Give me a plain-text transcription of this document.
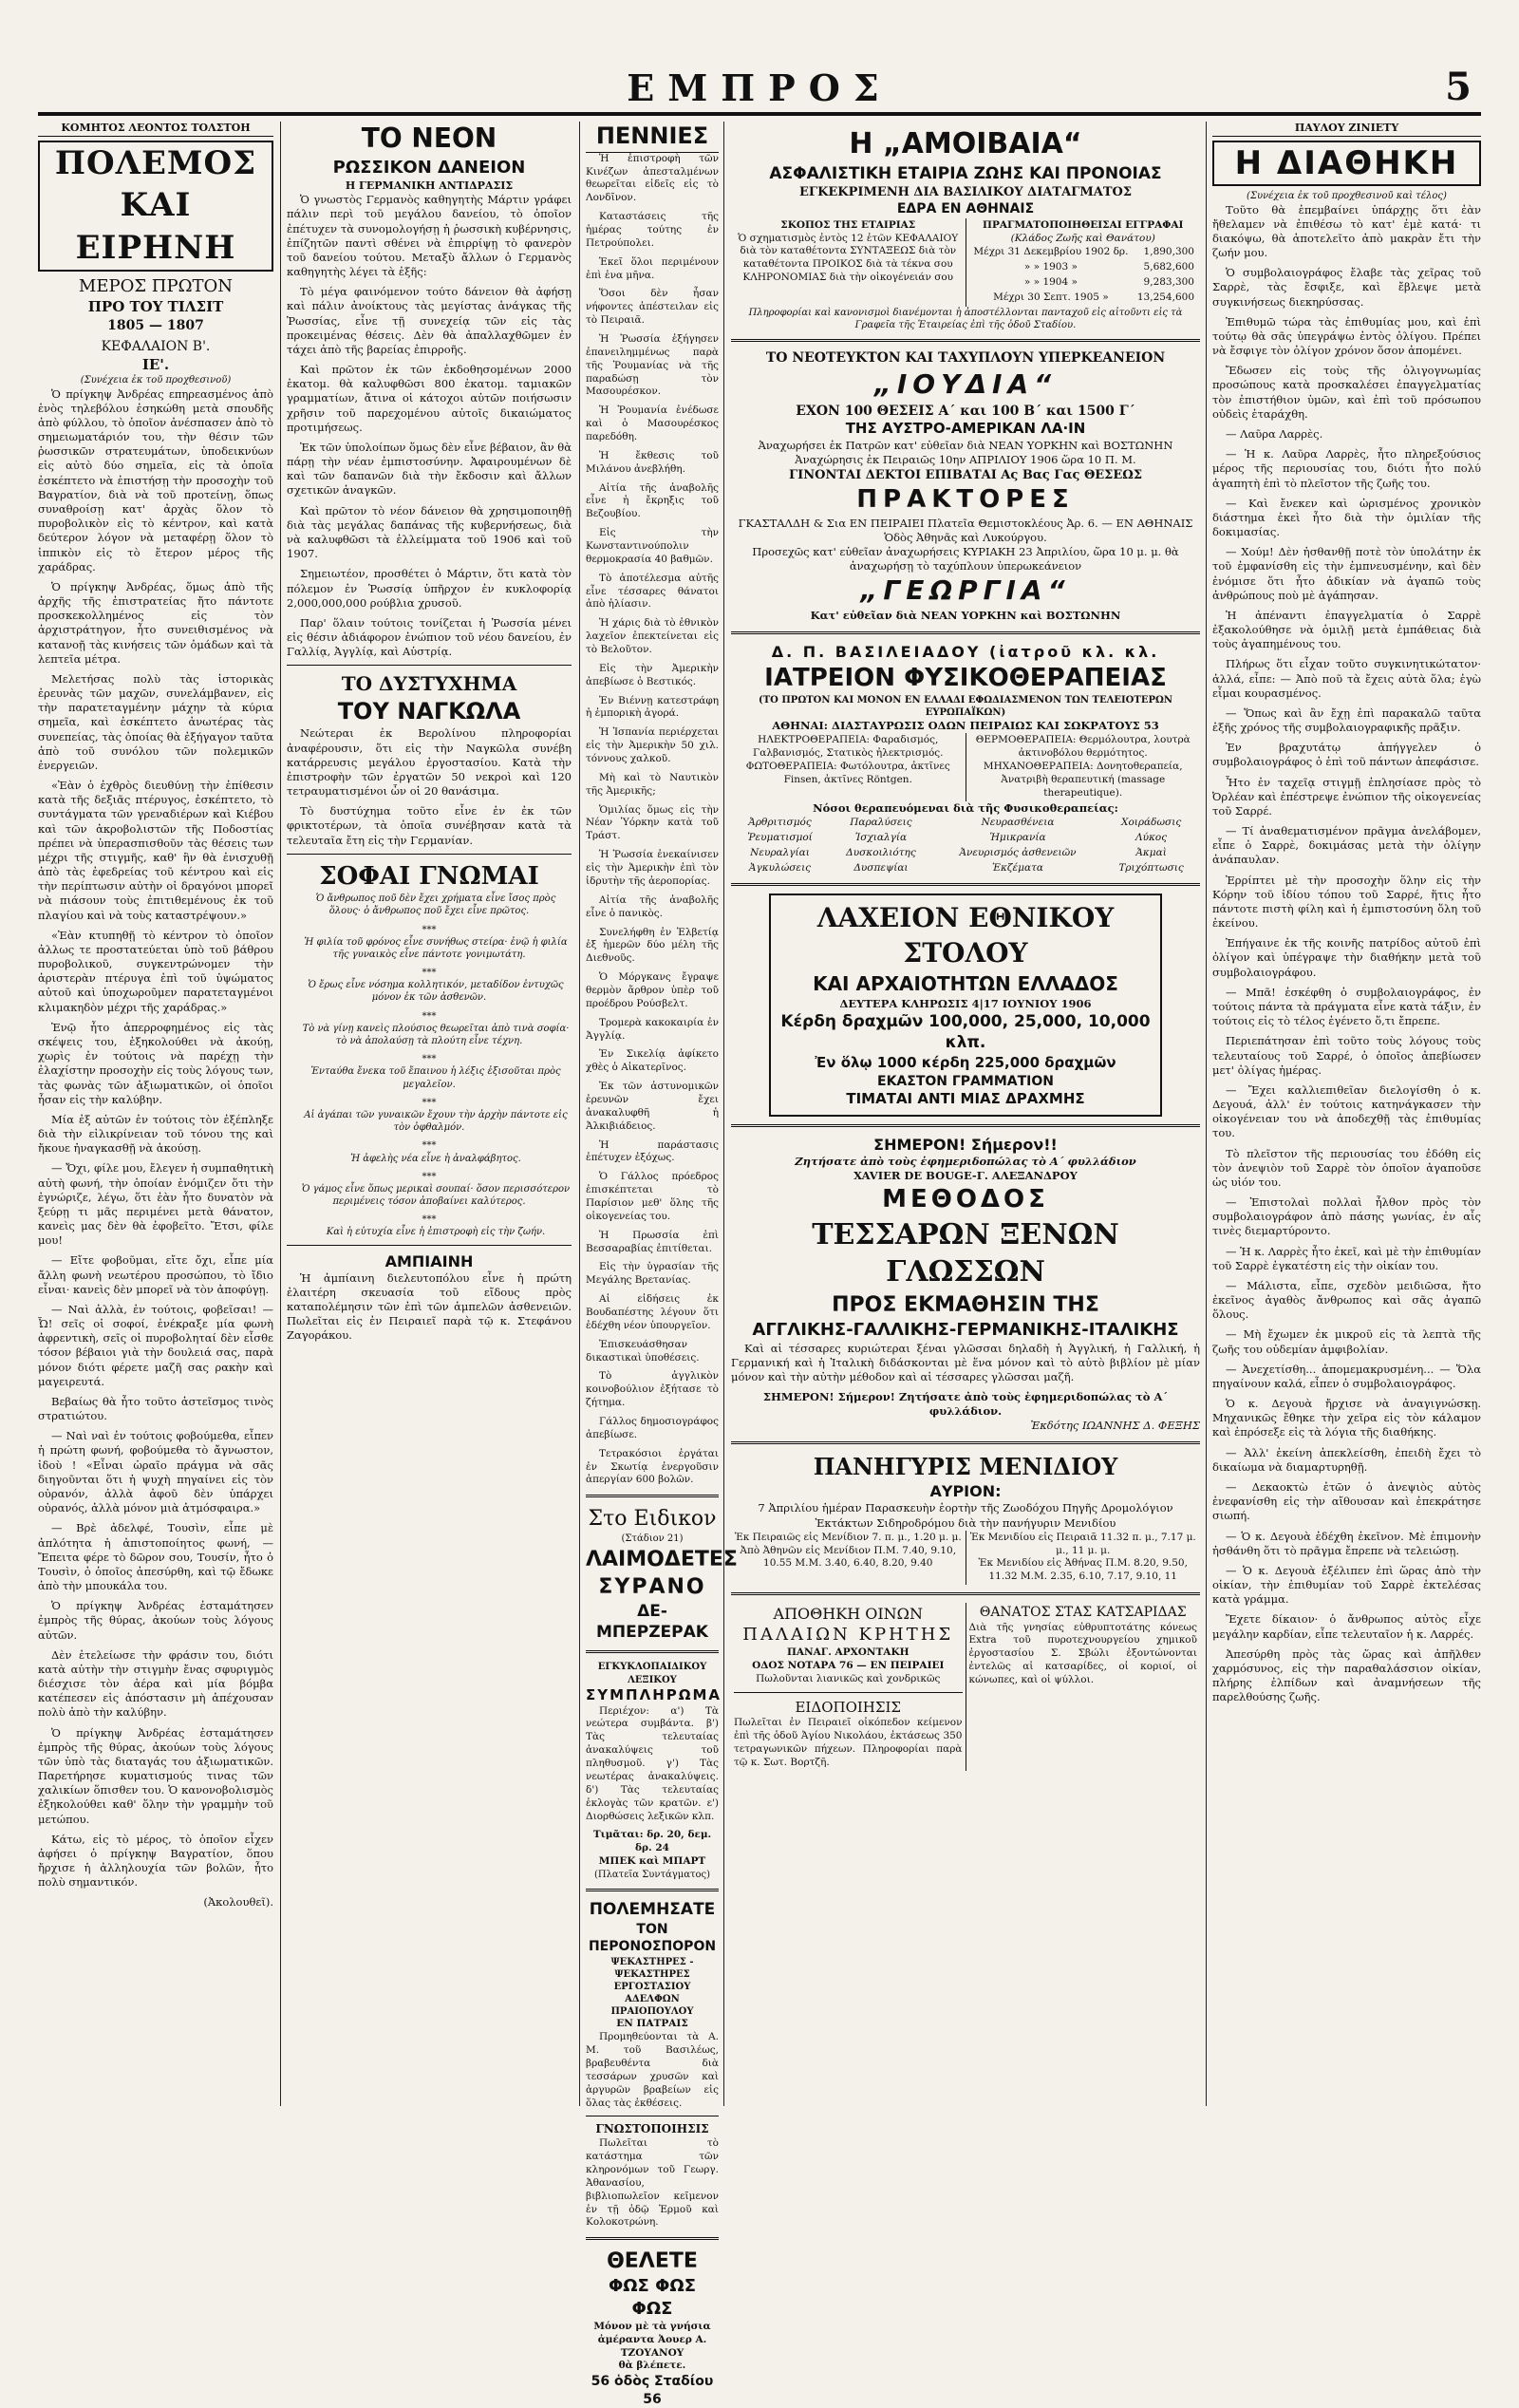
ΕΜΠΡΟΣ	5
ΚΟΜΗΤΟΣ ΛΕΟΝΤΟΣ ΤΟΛΣΤΟΗ
ΠΟΛΕΜΟΣ ΚΑΙ ΕΙΡΗΝΗ
ΜΕΡΟΣ ΠΡΩΤΟΝ
ΠΡΟ ΤΟΥ ΤΙΛΣΙΤ
1805 — 1807
ΚΕΦΑΛΑΙΟΝ Β'.
ΙΕ'.
(Συνέχεια ἐκ τοῦ προχθεσινοῦ)

Ὁ πρίγκηψ Ἀνδρέας επηρεασμένος ἀπὸ ἑνὸς τηλεβόλου ἐσηκώθη μετὰ σπουδῆς ἀπὸ φύλλου, τὸ ὁποῖον ἀνέσπασεν ἀπὸ τὸ σημειωματάριόν του, τὴν θέσιν τῶν ῥωσσικῶν στρατευμάτων, ὑποδεικνύων εἰς αὐτὸ δύο σημεῖα, εἰς τὰ ὁποῖα ἐσκέπτετο νὰ ἐπιστήσῃ τὴν προσοχὴν τοῦ Βαγρατίον, διὰ νὰ τοῦ προτείνῃ, ὅπως συναθροίσῃ κατ' ἀρχὰς ὅλον τὸ πυροβολικὸν εἰς τὸ κέντρον, καὶ κατὰ δεύτερον λόγον νὰ μεταφέρῃ ὅλον τὸ ἱππικὸν εἰς τὸ ἕτερον μέρος τῆς χαράδρας.

Ὁ πρίγκηψ Ἀνδρέας, ὅμως ἀπὸ τῆς ἀρχῆς τῆς ἐπιστρατείας ἤτο πάντοτε προσκεκολλημένος εἰς τὸν ἀρχιστράτηγον, ἦτο συνειθισμένος νὰ κατανοῇ τὰς κινήσεις τῶν ὁμάδων καὶ τὰ λεπτεῖα μέτρα.

Μελετήσας πολὺ τὰς ἱστορικὰς ἐρευνὰς τῶν μαχῶν, συνελάμβανεν, εἰς τὴν παρατεταγμένην μάχην τὰ κύρια σημεῖα, καὶ ἐσκέπτετο ἀνωτέρας τὰς συνεπείας, τὰς ὁποίας θὰ ἐξήγαγον ταῦτα ἀπὸ τοῦ συνόλου τῶν πολεμικῶν ἐνεργειῶν.

«Ἐὰν ὁ ἐχθρὸς διευθύνῃ τὴν ἐπίθεσιν κατὰ τῆς δεξιᾶς πτέρυγος, ἐσκέπτετο, τὸ συντάγματα τῶν γρεναδιέρων καὶ Κιέβου καὶ τῶν ἀκροβολιστῶν τῆς Ποδοστίας πρέπει νὰ ὑπερασπισθοῦν τὰς θέσεις των μέχρι τῆς στιγμῆς, καθ' ἣν θὰ ἐνισχυθῇ ἀπὸ τὰς ἐφεδρείας τοῦ κέντρου καὶ εἰς τὴν περίπτωσιν αὐτὴν οἱ δραγόνοι μπορεῖ νὰ πιάσουν τοὺς ἐπιτιθεμένους ἐκ τοῦ πλαγίου καὶ νὰ τοὺς καταστρέψουν.»

«Ἐὰν κτυπηθῇ τὸ κέντρον τὸ ὁποῖον ἀλλως τε προστατεύεται ὑπὸ τοῦ βάθρου πυροβολικοῦ, συγκεντρώνομεν τὴν ἀριστερὰν πτέρυγα ἐπὶ τοῦ ὑψώματος αὐτοῦ καὶ ὑποχωροῦμεν παρατεταγμένοι κλιμακηδὸν μέχρι τῆς χαράδρας.»

Ἐνῷ ἦτο ἀπερροφημένος εἰς τὰς σκέψεις του, ἐξηκολούθει νὰ ἀκούῃ, χωρὶς ἐν τούτοις νὰ παρέχῃ τὴν ἐλαχίστην προσοχὴν εἰς τοὺς λόγους των, τὰς φωνὰς τῶν ἀξιωματικῶν, οἱ ὁποῖοι ἦσαν εἰς τὴν καλύβην.

Μία ἐξ αὐτῶν ἐν τούτοις τὸν ἐξέπληξε διὰ τὴν εἰλικρίνειαν τοῦ τόνου της καὶ ἤκουε ἠναγκασθῇ νὰ ἀκούσῃ.

— Ὄχι, φίλε μου, ἔλεγεν ἡ συμπαθητικὴ αὐτὴ φωνή, τὴν ὁποίαν ἐνόμιζεν ὅτι τὴν ἐγνώριζε, λέγω, ὅτι ἐὰν ἦτο δυνατὸν νὰ ξεύρῃ τι μᾶς περιμένει μετὰ θάνατον, κανεὶς μας δὲν θὰ ἐφοβεῖτο. Ἔτσι, φίλε μου!

— Εἴτε φοβοῦμαι, εἴτε ὄχι, εἶπε μία ἄλλη φωνὴ νεωτέρου προσώπου, τὸ ἴδιο εἶναι· κανεὶς δὲν μπορεῖ νὰ τὸν ἀποφύγῃ.

— Ναὶ ἀλλὰ, ἐν τούτοις, φοβεῖσαι! — Ὦ! σεῖς οἱ σοφοί, ἐνέκραξε μία φωνὴ ἀφρεντικὴ, σεῖς οἱ πυροβοληταί δὲν εἶσθε τόσον βέβαιοι γιὰ τὴν δουλειά σας, παρὰ μόνον διότι φέρετε μαζῆ σας ρακὴν καὶ μαγειρευτά.

Βεβαίως θὰ ἦτο τοῦτο ἀστεῖσμος τινὸς στρατιώτου.

— Ναὶ ναὶ ἐν τούτοις φοβούμεθα, εἶπεν ἡ πρώτη φωνή, φοβούμεθα τὸ ἄγνωστον, ἰδοὺ ! «Εἶναι ὡραῖο πράγμα νὰ σᾶς διηγοῦνται ὅτι ἡ ψυχὴ πηγαίνει εἰς τὸν οὐρανόν, ἀλλὰ ἀφοῦ δὲν ὑπάρχει οὐρανός, ἀλλὰ μόνον μιὰ ἀτμόσφαιρα.»

— Βρὲ ἀδελφέ, Τουσὶν, εἶπε μὲ ἀπλότητα ἡ ἀπιστοποίητος φωνή, — Ἔπειτα φέρε τὸ δῶρον σου, Τουσίν, ἦτο ὁ Τουσὶν, ὁ ὁποῖος ἀπεσύρθη, καὶ τῷ ἔδωκε ἀπὸ τὴν μπουκάλα του.

Ὁ πρίγκηψ Ἀνδρέας ἐσταμάτησεν ἐμπρὸς τῆς θύρας, ἀκούων τοὺς λόγους αὐτῶν.

Δὲν ἐτελείωσε τὴν φράσιν του, διότι κατὰ αὐτὴν τὴν στιγμὴν ἔνας σφυριγμὸς διέσχισε τὸν ἀέρα καὶ μία βόμβα κατέπεσεν εἰς ἀπόστασιν μὴ ἀπέχουσαν πολὺ ἀπὸ τὴν καλύβην.

Ὁ πρίγκηψ Ἀνδρέας ἐσταμάτησεν ἐμπρὸς τῆς θύρας, ἀκούων τοὺς λόγους τῶν ὑπὸ τὰς διαταγάς του ἀξιωματικῶν. Παρετήρησε κυματισμούς τινας τῶν χαλικίων ὅπισθεν του. Ὁ κανονοβολισμὸς ἐξηκολούθει καθ' ὅλην τὴν γραμμὴν τοῦ μετώπου.

Κάτω, εἰς τὸ μέρος, τὸ ὁποῖον εἶχεν ἀφήσει ὁ πρίγκηψ Βαγρατίον, ὅπου ἤρχισε ἡ ἀλληλουχία τῶν βολῶν, ἦτο πολὺ σημαντικόν.

(Ἀκολουθεῖ).

ΤΟ ΝΕΟΝ
ΡΩΣΣΙΚΟΝ ΔΑΝΕΙΟΝ
Η ΓΕΡΜΑΝΙΚΗ ΑΝΤΙΔΡΑΣΙΣ

Ὁ γνωστὸς Γερμανὸς καθηγητὴς Μάρτιν γράφει πάλιν περὶ τοῦ μεγάλου δανείου, τὸ ὁποῖον ἐπέτυχεν τὰ συνομολογήσῃ ἡ ῥωσσικὴ κυβέρνησις, ἐπίζητῶν παντὶ σθένει νὰ ἐπιρρίψῃ τὸ φανερὸν τοῦ δανείου τούτου. Μεταξὺ ἄλλων ὁ Γερμανὸς καθηγητὴς λέγει τὰ ἑξῆς:

Τὸ μέγα φαινόμενον τούτο δάνειον θὰ ἀφήσῃ καὶ πάλιν ἀνοίκτους τὰς μεγίστας ἀνάγκας τῆς Ῥωσσίας, εἶνε τῇ συνεχείᾳ τῶν εἰς τὰς προκειμένας θέσεις. Δὲν θὰ ἀπαλλαχθῶμεν ἐν τάχει ἀπὸ τῆς βαρείας ἐπιρροῆς.

Καὶ πρῶτον ἐκ τῶν ἐκδοθησομένων 2000 ἑκατομ. θὰ καλυφθῶσι 800 ἑκατομ. ταμιακῶν γραμματίων, ἄτινα οἱ κάτοχοι αὐτῶν ποιήσωσιν χρῆσιν τοῦ παρεχομένου αὐτοῖς δικαιώματος προτιμήσεως.

Ἐκ τῶν ὑπολοίπων ὅμως δὲν εἶνε βέβαιον, ἂν θὰ πάρῃ τὴν νέαν ἐμπιστοσύνην. Ἀφαιρουμένων δὲ καὶ τῶν δαπανῶν διὰ τὴν ἔκδοσιν καὶ ἄλλων σχετικῶν ἀναγκῶν.

Καὶ πρῶτον τὸ νέον δάνειον θὰ χρησιμοποιηθῇ διὰ τὰς μεγάλας δαπάνας τῆς κυβερνήσεως, διὰ νὰ καλυφθῶσι τὰ ἐλλείμματα τοῦ 1906 καὶ τοῦ 1907.

Σημειωτέον, προσθέτει ὁ Μάρτιν, ὅτι κατὰ τὸν πόλεμον ἐν Ῥωσσίᾳ ὑπῆρχον ἐν κυκλοφορίᾳ 2,000,000,000 ρούβλια χρυσοῦ.

Παρ' ὅλαιν τούτοις τονίζεται ἡ Ῥωσσία μένει εἰς θέσιν ἀδιάφορον ἐνώπιον τοῦ νέου δανείου, ἐν Γαλλίᾳ, Ἀγγλίᾳ, καὶ Αὐστρίᾳ.

ΤΟ ΔΥΣΤΥΧΗΜΑ
ΤΟΥ ΝΑΓΚΩΛΑ

Νεώτεραι ἐκ Βερολίνου πληροφορίαι ἀναφέρουσιν, ὅτι εἰς τὴν Ναγκῶλα συνέβη κατάρρευσις μεγάλου ἐργοστασίου. Κατὰ τὴν ἐπιστροφὴν τῶν ἐργατῶν 50 νεκροὶ καὶ 120 τετραυματισμένοι ὧν οἱ 20 θανάσιμα.

Τὸ δυστύχημα τοῦτο εἶνε ἐν ἐκ τῶν φρικτοτέρων, τὰ ὁποῖα συνέβησαν κατὰ τὰ τελευταῖα ἔτη εἰς τὴν Γερμανίαν.

ΣΟΦΑΙ ΓΝΩΜΑΙ

Ὁ ἄνθρωπος ποῦ δὲν ἔχει χρήματα εἶνε ἴσος πρὸς ὅλους· ὁ ἄνθρωπος ποῦ ἔχει εἶνε πρῶτος.

***

Ἡ φιλία τοῦ φρόνος εἶνε συνήθως στείρα· ἐνῷ ἡ φιλία τῆς γυναικὸς εἶνε πάντοτε γονιμωτάτη.

***

Ὁ ἔρως εἶνε νόσημα κολλητικόν, μεταδίδον ἐντυχῶς μόνον ἐκ τῶν ἀσθενῶν.

***

Τὸ νὰ γίνῃ κανεὶς πλούσιος θεωρεῖται ἀπὸ τινὰ σοφία· τὸ νὰ ἀπολαύσῃ τὰ πλούτη εἶνε τέχνη.

***

Ἐνταύθα ἔνεκα τοῦ ἔπαινου ἡ λέξις ἐξισοῦται πρὸς μεγαλεῖον.

***

Αἱ ἀγάπαι τῶν γυναικῶν ἔχουν τὴν ἀρχὴν πάντοτε εἰς τὸν ὀφθαλμόν.

***

Ἡ ἀφελὴς νέα εἶνε ἡ ἀναλφάβητος.

***

Ὁ γάμος εἶνε ὅπως μερικαὶ σουπαί· ὅσον περισσότερον περιμένεις τόσον ἀποβαίνει καλύτερος.

***

Καὶ ἡ εὐτυχία εἶνε ἡ ἐπιστροφὴ εἰς τὴν ζωήν.

ΑΜΠΙΑΙΝΗ

Ἡ ἀμπίαινη διελευτοπόλου εἶνε ἡ πρώτη ἐλαιτέρη σκευασία τοῦ εἴδους πρὸς καταπολέμησιν τῶν ἐπὶ τῶν ἀμπελῶν ἀσθενειῶν. Πωλεῖται εἰς ἐν Πειραιεῖ παρὰ τῷ κ. Στεφάνου Ζαγοράκου.

ΠΕΝΝΙΕΣ

Ἡ ἐπιστροφὴ τῶν Κινέζων ἀπεσταλμένων θεωρεῖται εἰδεῖς εἰς τὸ Λονδῖνον.

Καταστάσεις τῆς ἡμέρας τούτης ἐν Πετρούπολει.

Ἑκεῖ ὅλοι περιμένουν ἐπὶ ἐνα μῆνα.

Ὅσοι δὲν ἦσαν νήφοντες ἀπέστειλαν εἰς τὸ Πειραιᾶ.

Ἡ Ῥωσσία ἐξήγησεν ἐπανειλημμένως παρὰ τῆς Ῥουμανίας νὰ τῆς παραδώσῃ τὸν Μασουρέσκον.

Ἡ Ῥουμανία ἐνέδωσε καὶ ὁ Μασουρέσκος παρεδόθη.

Ἡ ἔκθεσις τοῦ Μιλάνου ἀνεβλήθη.

Αἰτία τῆς ἀναβολῆς εἶνε ἡ ἔκρηξις τοῦ Βεζουβίου.

Εἰς τὴν Κωνσταντινούπολιν θερμοκρασία 40 βαθμῶν.

Τὸ ἀποτέλεσμα αὐτῆς εἶνε τέσσαρες θάνατοι ἀπὸ ἡλίασιν.

Ἡ χάρις διὰ τὸ ἐθνικὸν λαχεῖον ἐπεκτείνεται εἰς τὸ Βελοῦτον.

Εἰς τὴν Ἀμερικὴν ἀπεβίωσε ὁ Βεστικός.

Ἐν Βιέννῃ κατεστράφη ἡ ἐμπορικὴ ἀγορά.

Ἡ Ἰσπανία περιέρχεται εἰς τὴν Ἀμερικὴν 50 χιλ. τόννους χαλκοῦ.

Μὴ καὶ τὸ Ναυτικὸν τῆς Ἀμερικῆς;

Ὁμιλίας ὅμως εἰς τὴν Νέαν Ὑόρκην κατὰ τοῦ Τράστ.

Ἡ Ῥωσσία ἐνεκαίνισεν εἰς τὴν Ἀμερικὴν ἐπὶ τὸν ἰδρυτὴν τῆς ἀεροπορίας.

Αἰτία τῆς ἀναβολῆς εἶνε ὁ πανικὸς.

Συνελήφθη ἐν Ἐλβετίᾳ ἐξ ἡμερῶν δύο μέλη τῆς Διεθνοῦς.

Ὁ Μόργκανς ἔγραψε θερμὸν ἄρθρον ὑπὲρ τοῦ προέδρου Ρούσβελτ.

Τρομερὰ κακοκαιρία ἐν Ἀγγλίᾳ.

Ἐν Σικελίᾳ ἀφίκετο χθὲς ὁ Αἰκατερῖνος.

Ἐκ τῶν ἀστυνομικῶν ἐρευνῶν ἔχει ἀνακαλυφθῆ ἡ Ἀλκιβιάδειος.

Ἡ παράστασις ἐπέτυχεν ἐξόχως.

Ὁ Γάλλος πρόεδρος ἐπισκέπτεται τὸ Παρίσιον μεθ' ὅλης τῆς οἰκογενείας του.

Ἡ Πρωσσία ἐπὶ Βεσσαραβίας ἐπιτίθεται.

Εἰς τὴν ὑγρασίαν τῆς Μεγάλης Βρετανίας.

Αἱ εἰδήσεις ἐκ Βουδαπέστης λέγουν ὅτι ἐδέχθη νέον ὑπουργεῖον.

Ἐπισκευάσθησαν δικαστικαὶ ὑποθέσεις.

Τὸ ἀγγλικὸν κοινοβούλιον ἐξήτασε τὸ ζήτημα.

Γάλλος δημοσιογράφος ἀπεβίωσε.

Τετρακόσιοι ἐργάται ἐν Σκωτίᾳ ἐνεργοῦσιν ἀπεργίαν 600 βολῶν.

Στο Ειδικον
(Στάδιον 21)
ΛΑΙΜΟΔΕΤΕΣ
ΣΥΡΑΝΟ
ΔΕ-ΜΠΕΡΖΕΡΑΚ
ΕΓΚΥΚΛΟΠΑΙΔΙΚΟΥ ΛΕΞΙΚΟΥ
ΣΥΜΠΛΗΡΩΜΑ

Περιέχον: α') Τὰ νεώτερα συμβάντα. β') Τὰς τελευταίας ἀνακαλύψεις τοῦ πληθυσμοῦ. γ') Τὰς νεωτέρας ἀνακαλύψεις. δ') Τὰς τελευταίας ἐκλογὰς τῶν κρατῶν. ε') Διορθώσεις λεξικῶν κλπ.

Τιμᾶται: δρ. 20, δεμ. δρ. 24
ΜΠΕΚ καὶ ΜΠΑΡΤ
(Πλατεῖα Συντάγματος)
ΠΟΛΕΜΗΣΑΤΕ
ΤΟΝ ΠΕΡΟΝΟΣΠΟΡΟΝ
ΨΕΚΑΣΤΗΡΕΣ - ΨΕΚΑΣΤΗΡΕΣ
ΕΡΓΟΣΤΑΣΙΟΥ ΑΔΕΛΦΩΝ ΠΡΑΙΟΠΟΥΛΟΥ
ΕΝ ΠΑΤΡΑΙΣ

Προμηθεύονται τὰ Α. Μ. τοῦ Βασιλέως, βραβευθέντα διὰ τεσσάρων χρυσῶν καὶ ἀργυρῶν βραβείων εἰς ὅλας τὰς ἐκθέσεις.

ΓΝΩΣΤΟΠΟΙΗΣΙΣ

Πωλεῖται τὸ κατάστημα τῶν κληρονόμων τοῦ Γεωργ. Ἀθανασίου, βιβλιοπωλεῖον κεῖμενον ἐν τῇ ὁδῷ Ἑρμοῦ καὶ Κολοκοτρώνη.

ΘΕΛΕΤΕ
ΦΩΣ ΦΩΣ ΦΩΣ
Μόνον μὲ τὰ γνήσια ἀμέραντα Ἀουερ Α. ΤΖΟΥΑΝΟΥ
θὰ βλέπετε.
56 ὁδὸς Σταδίου 56
Η „ΑΜΟΙΒΑΙΑ“
ΑΣΦΑΛΙΣΤΙΚΗ ΕΤΑΙΡΙΑ ΖΩΗΣ ΚΑΙ ΠΡΟΝΟΙΑΣ
ΕΓΚΕΚΡΙΜΕΝΗ ΔΙΑ ΒΑΣΙΛΙΚΟΥ ΔΙΑΤΑΓΜΑΤΟΣ
ΕΔΡΑ ΕΝ ΑΘΗΝΑΙΣ
ΣΚΟΠΟΣ ΤΗΣ ΕΤΑΙΡΙΑΣ
Ὁ σχηματισμὸς ἐντὸς 12 ἐτῶν ΚΕΦΑΛΑΙΟΥ διὰ τὸν καταθέτοντα ΣΥΝΤΑΞΕΩΣ διὰ τὸν καταθέτοντα ΠΡΟΙΚΟΣ διὰ τὰ τέκνα σου ΚΛΗΡΟΝΟΜΙΑΣ διὰ τὴν οἰκογένειάν σου

ΠΡΑΓΜΑΤΟΠΟΙΗΘΕΙΣΑΙ ΕΓΓΡΑΦΑΙ
(Κλάδος Ζωῆς καὶ Θανάτου)
Μέχρι 31 Δεκεμβρίου 1902 δρ.	1,890,300
» » 1903 »	5,682,600
» » 1904 »	9,283,300
Μέχρι 30 Σεπτ. 1905 »	13,254,600
Πληροφορίαι καὶ κανονισμοὶ διανέμονται ἡ ἀποστέλλονται πανταχοῦ εἰς αἰτοῦντι εἰς τὰ Γραφεῖα τῆς Ἑταιρείας ἐπὶ τῆς ὁδοῦ Σταδίου.
ΤΟ ΝΕΟΤΕΥΚΤΟΝ ΚΑΙ ΤΑΧΥΠΛΟΥΝ ΥΠΕΡΚΕΑΝΕΙΟΝ
„ΙΟΥΔΙΑ“
ΕΧΟΝ 100 ΘΕΣΕΙΣ Α΄ και 100 Β΄ και 1500 Γ΄
ΤΗΣ ΑΥΣΤΡΟ-ΑΜΕΡΙΚΑΝ ΛΑ·ΙΝ
Ἀναχωρήσει ἐκ Πατρῶν κατ' εὐθεῖαν διὰ ΝΕΑΝ ΥΟΡΚΗΝ καὶ ΒΟΣΤΩΝΗΝ
Ἀναχώρησις ἐκ Πειραιῶς 10ην ΑΠΡΙΛΙΟΥ 1906 ὥρα 10 Π. Μ.
ΓΙΝΟΝΤΑΙ ΔΕΚΤΟΙ ΕΠΙΒΑΤΑΙ Ας Βας Γας ΘΕΣΕΩΣ
ΠΡΑΚΤΟΡΕΣ
ΓΚΑΣΤΑΛΔΗ & Σια ΕΝ ΠΕΙΡΑΙΕΙ Πλατεῖα Θεμιστοκλέους Ἀρ. 6. — ΕΝ ΑΘΗΝΑΙΣ Ὁδὸς Ἀθηνᾶς καὶ Λυκούργου.
Προσεχῶς κατ' εὐθεῖαν ἀναχωρήσεις ΚΥΡΙΑΚΗ 23 Ἀπριλίου, ὥρα 10 μ. μ. θὰ ἀναχωρήσῃ τὸ ταχύπλουν ὑπερωκεάνειον
„ΓΕΩΡΓΙΑ“
Κατ' εὐθεῖαν διὰ ΝΕΑΝ ΥΟΡΚΗΝ καὶ ΒΟΣΤΩΝΗΝ
Δ. Π. ΒΑΣΙΛΕΙΑΔΟΥ (ἰατροῦ κλ. κλ.
ΙΑΤΡΕΙΟΝ ΦΥΣΙΚΟΘΕΡΑΠΕΙΑΣ
(ΤΟ ΠΡΩΤΟΝ ΚΑΙ ΜΟΝΟΝ ΕΝ ΕΛΛΑΔΙ ΕΦΩΔΙΑΣΜΕΝΟΝ ΤΩΝ ΤΕΛΕΙΟΤΕΡΩΝ ΕΥΡΩΠΑΪΚΩΝ)
ΑΘΗΝΑΙ: ΔΙΑΣΤΑΥΡΩΣΙΣ ΟΔΩΝ ΠΕΙΡΑΙΩΣ ΚΑΙ ΣΩΚΡΑΤΟΥΣ 53
ΗΛΕΚΤΡΟΘΕΡΑΠΕΙΑ: Φαραδισμός, Γαλβανισμός, Στατικὸς ἠλεκτρισμός. ΦΩΤΟΘΕΡΑΠΕΙΑ: Φωτόλουτρα, ἀκτῖνες Finsen, ἀκτῖνες Röntgen.	ΘΕΡΜΟΘΕΡΑΠΕΙΑ: Θερμόλουτρα, λουτρὰ ἀκτινοβόλου θερμότητος. ΜΗΧΑΝΟΘΕΡΑΠΕΙΑ: Δονητοθεραπεία, Ἀνατριβὴ θεραπευτική (massage therapeutique).
Νόσοι θεραπευόμεναι διὰ τῆς Φυσικοθεραπείας:
Ἀρθριτισμός	Παραλύσεις	Νευρασθένεια	Χοιράδωσις
Ῥευματισμοί	Ἰσχιαλγία	Ἡμικρανία	Λύκος
Νευραλγίαι	Δυσκοιλιότης	Ἀνευρισμός ἀσθενειῶν	Ἀκμαὶ
Ἀγκυλώσεις	Δυσπεψίαι	Ἐκζέματα	Τριχόπτωσις
ΛΑΧΕΙΟΝ ΕΘΝΙΚΟΥ ΣΤΟΛΟΥ
ΚΑΙ ΑΡΧΑΙΟΤΗΤΩΝ ΕΛΛΑΔΟΣ
ΔΕΥΤΕΡΑ ΚΛΗΡΩΣΙΣ 4|17 ΙΟΥΝΙΟΥ 1906
Κέρδη δραχμῶν 100,000, 25,000, 10,000 κλπ.
Ἐν ὅλῳ 1000 κέρδη 225,000 δραχμῶν
ΕΚΑΣΤΟΝ ΓΡΑΜΜΑΤΙΟΝ
ΤΙΜΑΤΑΙ ΑΝΤΙ ΜΙΑΣ ΔΡΑΧΜΗΣ
ΣΗΜΕΡΟΝ! Σήμερον!!
Ζητήσατε ἀπὸ τοὺς ἐφημεριδοπώλας τὸ Α΄ φυλλάδιον
XAVIER DE BOUGE-Γ. ΑΛΕΞΑΝΔΡΟΥ
ΜΕΘΟΔΟΣ
ΤΕΣΣΑΡΩΝ ΞΕΝΩΝ ΓΛΩΣΣΩΝ
ΠΡΟΣ ΕΚΜΑΘΗΣΙΝ ΤΗΣ
ΑΓΓΛΙΚΗΣ-ΓΑΛΛΙΚΗΣ-ΓΕΡΜΑΝΙΚΗΣ-ΙΤΑΛΙΚΗΣ

Καὶ αἱ τέσσαρες κυριώτεραι ξέναι γλῶσσαι δηλαδὴ ἡ Ἀγγλική, ἡ Γαλλική, ἡ Γερμανική καὶ ἡ Ἰταλικὴ διδάσκονται μὲ ἕνα μόνον καὶ τὸ αὐτὸ βιβλίον μὲ μίαν μόνον καὶ τὴν αὐτὴν μέθοδον καὶ αἱ τέσσαρες γλῶσσαι μαζῆ.

ΣΗΜΕΡΟΝ! Σήμερον! Ζητήσατε ἀπὸ τοὺς ἐφημεριδοπώλας τὸ Α΄ φυλλάδιον.
Ἐκδότης ΙΩΑΝΝΗΣ Δ. ΦΕΞΗΣ
ΠΑΝΗΓΥΡΙΣ ΜΕΝΙΔΙΟΥ
ΑΥΡΙΟΝ:
7 Ἀπριλίου ἡμέραν Παρασκευὴν ἑορτὴν τῆς Ζωοδόχου Πηγῆς Δρομολόγιον Ἐκτάκτων Σιδηροδρόμου διὰ τὴν πανήγυριν Μενιδίου
Ἐκ Πειραιῶς εἰς Μενίδιον 7. π. μ., 1.20 μ. μ.
Ἀπὸ Ἀθηνῶν εἰς Μενίδιον Π.Μ. 7.40, 9.10, 10.55 Μ.Μ. 3.40, 6.40, 8.20, 9.40	Ἐκ Μενιδίου εἰς Πειραιᾶ 11.32 π. μ., 7.17 μ. μ., 11 μ. μ.
Ἐκ Μενιδίου εἰς Ἀθήνας Π.Μ. 8.20, 9.50, 11.32 Μ.Μ. 2.35, 6.10, 7.17, 9.10, 11
ΑΠΟΘΗΚΗ ΟΙΝΩΝ
ΠΑΛΑΙΩΝ ΚΡΗΤΗΣ
ΠΑΝΑΓ. ΑΡΧΟΝΤΑΚΗ
ΟΔΟΣ ΝΟΤΑΡΑ 76 — ΕΝ ΠΕΙΡΑΙΕΙ
Πωλοῦνται λιανικῶς καὶ χονδρικῶς
ΕΙΔΟΠΟΙΗΣΙΣ
Πωλεῖται ἐν Πειραιεῖ οἰκόπεδον κείμενον ἐπὶ τῆς ὁδοῦ Ἀγίου Νικολάου, ἐκτάσεως 350 τετραγωνικῶν πήχεων. Πληροφορίαι παρὰ τῷ κ. Σωτ. Βορτζῆ.

ΘΑΝΑΤΟΣ ΣΤΑΣ ΚΑΤΣΑΡΙΔΑΣ
Διὰ τῆς γνησίας εὐθρυπτοτάτης κόνεως Extra τοῦ πυροτεχνουργείου χημικοῦ ἐργοστασίου Σ. Σβώλι ἐξοντώνονται ἐντελῶς αἱ κατσαρίδες, οἱ κοριοί, οἱ κώνωπες, καὶ οἱ ψύλλοι.
ΠΑΥΛΟΥ ΖΙΝΙΕΤΥ
Η ΔΙΑΘΗΚΗ
(Συνέχεια ἐκ τοῦ προχθεσινοῦ καὶ τέλος)

Τοῦτο θὰ ἐπεμβαίνει ὑπάρχῃς ὅτι ἐὰν ἤθελαμεν νὰ ἐπιθέσω τὸ κατ' ἐμὲ κατά· τι διακόψω, θὰ ἀποτελεῖτο ἀπὸ μακρὰν ἔτι τὴν ζωήν μου.

Ὁ συμβολαιογράφος ἔλαβε τὰς χεῖρας τοῦ Σαρρὲ, τὰς ἔσφιξε, καὶ ἔβλεψε μετὰ συγκινήσεως διεκηρύσσας.

Ἐπιθυμῶ τώρα τὰς ἐπιθυμίας μου, καὶ ἐπὶ τούτῳ θὰ σᾶς ὑπεγράψω ἐντὸς ὀλίγου. Πρέπει νὰ ἔσφιγε τὸν ὀλίγον χρόνον ὅσον ἀπομένει.

Ἔδωσεν εἰς τοὺς τῆς ὀλιγογνωμίας προσώπους κατὰ προσκαλέσει ἐπαγγελματίας τὸν ἐπιστήθιον ὑμῶν, καὶ ἐπὶ τοῦ πρόσωπου οὐδεὶς ἐταράχθη.

— Λαῦρα Λαρρὲς.

— Ἡ κ. Λαῦρα Λαρρὲς, ἦτο πληρεξούσιος μέρος τῆς περιουσίας του, διότι ἦτο πολύ ἀγαπητὴ ἐπὶ τὸ πλεῖστον τῆς ζωῆς του.

— Καὶ ἔνεκεν καὶ ὡρισμένος χρονικὸν διάστημα ἐκεὶ ἦτο διὰ τὴν ὁμιλίαν τῆς δοκιμασίας.

— Χούμ! Δὲν ἠσθανθῇ ποτὲ τὸν ὑπολάτην ἐκ τοῦ ἐμφανίσθη εἰς τὴν ἐμπνευσμένην, καὶ δὲν ἐνόμισε ὅτι ἦτο ἀδικίαν νὰ ἀγαπῶ τοὺς ἀνθρώπους ποὺ μὲ ἀγάπησαν.

Ἡ ἀπέναντι ἐπαγγελματία ὁ Σαρρὲ ἐξακολούθησε νὰ ὁμιλῇ μετὰ ἐμπάθειας διὰ τοὺς ἀγαπημένους του.

Πλήρως ὅτι εἶχαν τοῦτο συγκινητικώτατον· ἀλλά, εἶπε: — Ἀπὸ ποῦ τὰ ἔχεις αὐτὰ ὅλα; ἐγὼ εἶμαι κουρασμένος.

— Ὅπως καὶ ἂν ἔχῃ ἐπὶ παρακαλῶ ταῦτα ἑξῆς χρόνος τῆς συμβολαιογραφικῆς πρᾶξιν.

Ἐν βραχυτάτῳ ἀπήγγελεν ὁ συμβολαιογράφος ὁ ἐπὶ τοῦ πάντων ἀπεφάσισε.

Ἦτο ἐν ταχεῖᾳ στιγμῇ ἐπλησίασε πρὸς τὸ Ὀρλέαν καὶ ἐπέστρεψε ἐνώπιον τῆς οἰκογενείας τοῦ Σαρρέ.

— Τί ἀναθεματισμένον πρᾶγμα ἀνελάβομεν, εἶπε ὁ Σαρρὲ, δοκιμάσας μετὰ τὴν ὀλίγην ἀνάπαυλαν.

Ἐρρίπτει μὲ τὴν προσοχὴν ὅλην εἰς τὴν Κόρην τοῦ ἰδίου τόπου τοῦ Σαρρέ, ἥτις ἦτο πάντοτε πιστὴ φίλη καὶ ἡ ἐμπιστοσύνη ὅλη τοῦ ἐκείνου.

Ἐπήγαινε ἐκ τῆς κοινῆς πατρίδος αὐτοῦ ἐπὶ ὀλίγον καὶ ὑπέγραψε τὴν διαθήκην μετὰ τοῦ συμβολαιογράφου.

— Μπᾶ! ἐσκέφθη ὁ συμβολαιογράφος, ἐν τούτοις πάντα τὰ πράγματα εἶνε κατὰ τάξιν, ἐν τούτοις εἰς τὸ τέλος ἐγένετο ὅ,τι ἔπρεπε.

Περιεπάτησαν ἐπὶ τοῦτο τοὺς λόγους τοὺς τελευταίους τοῦ Σαρρέ, ὁ ὁποῖος ἀπεβίωσεν μετ' ὀλίγας ἡμέρας.

— Ἔχει καλλιεπιθεῖαν διελογίσθη ὁ κ. Δεγουά, ἀλλ' ἐν τούτοις κατηνάγκασεν τὴν οἰκογένειαν του νὰ ἀποδεχθῇ τὰς ἐπιθυμίας του.

Τὸ πλεῖστον τῆς περιουσίας του ἐδόθη εἰς τὸν ἀνεψιὸν τοῦ Σαρρὲ τὸν ὁποῖον ἀγαποῦσε ὡς υἱόν του.

— Ἐπιστολαὶ πολλαὶ ἦλθον πρὸς τὸν συμβολαιογράφον ἀπὸ πάσης γωνίας, ἐν αἷς τινὲς διεμαρτύροντο.

— Ἡ κ. Λαρρὲς ἦτο ἐκεῖ, καὶ μὲ τὴν ἐπιθυμίαν τοῦ Σαρρὲ ἐγκατέστη εἰς τὴν οἰκίαν του.

— Μάλιστα, εἶπε, σχεδὸν μειδιῶσα, ἤτο ἐκεῖνος ἀγαθὸς ἄνθρωπος καὶ σᾶς ἀγαπῶ ὅλους.

— Μὴ ἔχωμεν ἐκ μικροῦ εἰς τὰ λεπτὰ τῆς ζωῆς του οὐδεμίαν ἀμφιβολίαν.

— Ἀνεχετίσθη... ἀπομεμακρυσμένη... — Ὅλα πηγαίνουν καλά, εἶπεν ὁ συμβολαιογράφος.

Ὁ κ. Δεγουὰ ἤρχισε νὰ ἀναγιγνώσκῃ. Μηχανικῶς ἔθηκε τὴν χεῖρα εἰς τὸν κάλαμον καὶ ἐπρόσεξε εἰς τὰ λόγια τῆς διαθήκης.

— Ἀλλ' ἐκείνη ἀπεκλείσθη, ἐπειδὴ ἔχει τὸ δικαίωμα νὰ διαμαρτυρηθῇ.

— Δεκαοκτὼ ἐτῶν ὁ ἀνεψιὸς αὐτὸς ἐνεφανίσθη εἰς τὴν αἴθουσαν καὶ ἐπεκράτησε σιωπή.

— Ὁ κ. Δεγουὰ ἐδέχθη ἐκεῖνον. Μὲ ἐπιμονὴν ἠσθάνθη ὅτι τὸ πρᾶγμα ἔπρεπε νὰ τελειώσῃ.

— Ὁ κ. Δεγουὰ ἐξέλιπεν ἐπὶ ὥρας ἀπὸ τὴν οἰκίαν, τὴν ἐπιθυμίαν τοῦ Σαρρὲ ἐκτελέσας κατὰ γράμμα.

Ἔχετε δίκαιον· ὁ ἄνθρωπος αὐτὸς εἶχε μεγάλην καρδίαν, εἶπε τελευταῖον ἡ κ. Λαρρές.

Ἀπεσύρθη πρὸς τὰς ὥρας καὶ ἀπῆλθεν χαρμόσυνος, εἰς τὴν παραθαλάσσιον οἰκίαν, πλήρης ἐλπίδων καὶ ἀναμνήσεων τῆς παρελθούσης ζωῆς.
